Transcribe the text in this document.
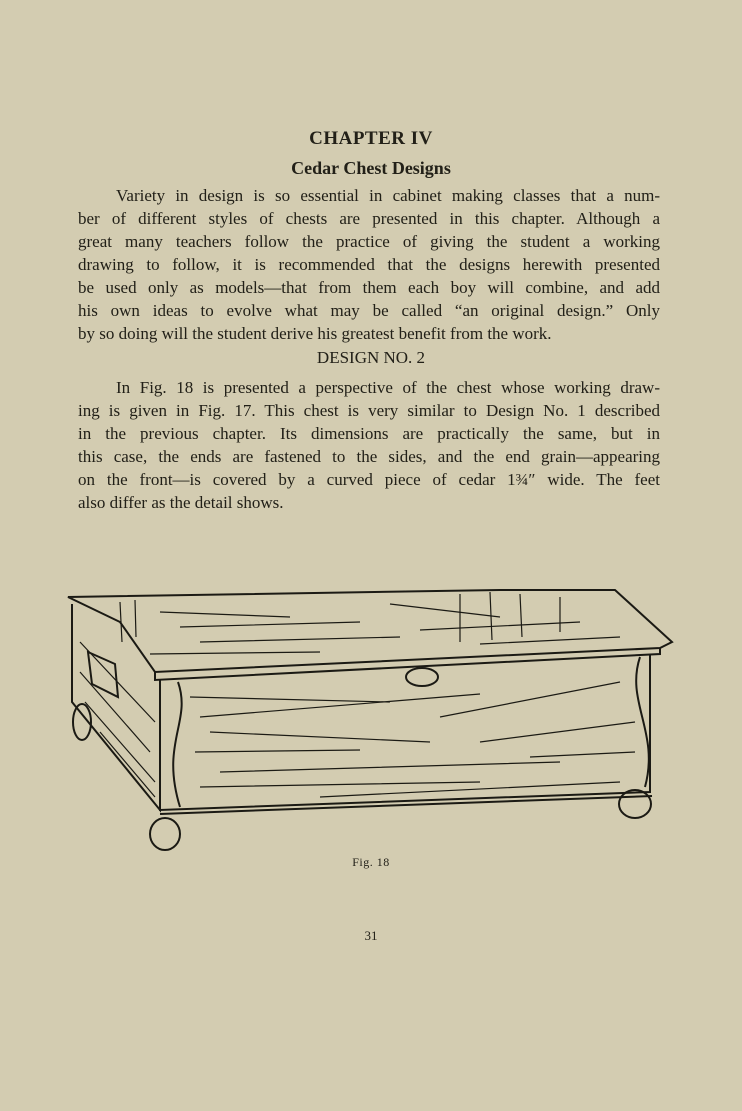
CHAPTER IV
Cedar Chest Designs
Variety in design is so essential in cabinet making classes that a num-
ber of different styles of chests are presented in this chapter. Although a
great many teachers follow the practice of giving the student a working
drawing to follow, it is recommended that the designs herewith presented
be used only as models—that from them each boy will combine, and add
his own ideas to evolve what may be called “an original design.” Only
by so doing will the student derive his greatest benefit from the work.
DESIGN NO. 2
In Fig. 18 is presented a perspective of the chest whose working draw-
ing is given in Fig. 17. This chest is very similar to Design No. 1 described
in the previous chapter. Its dimensions are practically the same, but in
this case, the ends are fastened to the sides, and the end grain—appearing
on the front—is covered by a curved piece of cedar 1¾″ wide. The feet
also differ as the detail shows.
Fig. 18
31
